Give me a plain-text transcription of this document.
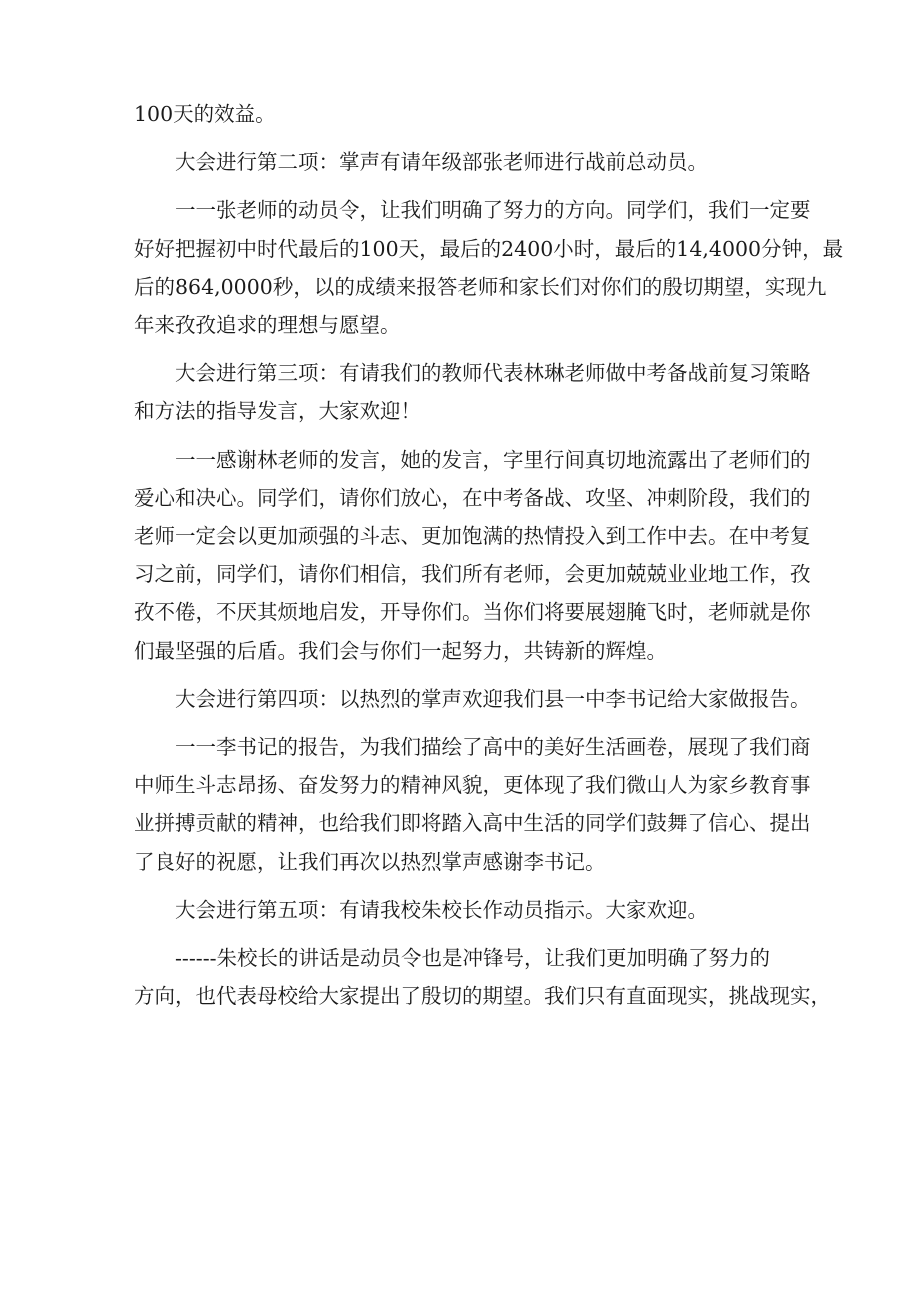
100天的效益。

大会进行第二项：掌声有请年级部张老师进行战前总动员。

一一张老师的动员令，让我们明确了努力的方向。同学们，我们一定要
好好把握初中时代最后的100天，最后的2400小时，最后的14,4000分钟，最
后的864,0000秒，以的成绩来报答老师和家长们对你们的殷切期望，实现九
年来孜孜追求的理想与愿望。

大会进行第三项：有请我们的教师代表林琳老师做中考备战前复习策略
和方法的指导发言，大家欢迎！

一一感谢林老师的发言，她的发言，字里行间真切地流露出了老师们的
爱心和决心。同学们，请你们放心，在中考备战、攻坚、冲刺阶段，我们的
老师一定会以更加顽强的斗志、更加饱满的热情投入到工作中去。在中考复
习之前，同学们，请你们相信，我们所有老师，会更加兢兢业业地工作，孜
孜不倦，不厌其烦地启发，开导你们。当你们将要展翅腌飞时，老师就是你
们最坚强的后盾。我们会与你们一起努力，共铸新的辉煌。

大会进行第四项：以热烈的掌声欢迎我们县一中李书记给大家做报告。

一一李书记的报告，为我们描绘了高中的美好生活画卷，展现了我们商
中师生斗志昂扬、奋发努力的精神风貌，更体现了我们微山人为家乡教育事
业拼搏贡献的精神，也给我们即将踏入高中生活的同学们鼓舞了信心、提出
了良好的祝愿，让我们再次以热烈掌声感谢李书记。

大会进行第五项：有请我校朱校长作动员指示。大家欢迎。

------朱校长的讲话是动员令也是冲锋号，让我们更加明确了努力的
方向，也代表母校给大家提出了殷切的期望。我们只有直面现实，挑战现实，
